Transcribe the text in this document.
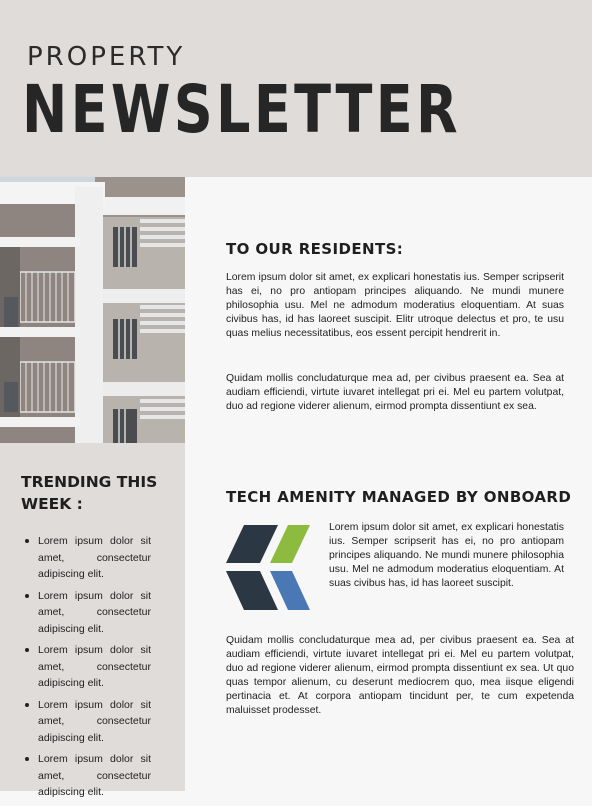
PROPERTY
NEWSLETTER
TO OUR RESIDENTS:

Lorem ipsum dolor sit amet, ex explicari honestatis ius. Semper scripserit has ei, no pro antiopam principes aliquando. Ne mundi munere philosophia usu. Mel ne admodum moderatius eloquentiam. At suas civibus has, id has laoreet suscipit. Elitr utroque delectus et pro, te usu quas melius necessitatibus, eos essent percipit hendrerit in.

Quidam mollis concludaturque mea ad, per civibus praesent ea. Sea at audiam efficiendi, virtute iuvaret intellegat pri ei. Mel eu partem volutpat, duo ad regione viderer alienum, eirmod prompta dissentiunt ex sea.

TRENDING THIS WEEK :
Lorem ipsum dolor sit amet, consectetur adipiscing elit.
Lorem ipsum dolor sit amet, consectetur adipiscing elit.
Lorem ipsum dolor sit amet, consectetur adipiscing elit.
Lorem ipsum dolor sit amet, consectetur adipiscing elit.
Lorem ipsum dolor sit amet, consectetur adipiscing elit.
TECH AMENITY MANAGED BY ONBOARD

Lorem ipsum dolor sit amet, ex explicari honestatis ius. Semper scripserit has ei, no pro antiopam principes aliquando. Ne mundi munere philosophia usu. Mel ne admodum moderatius eloquentiam. At suas civibus has, id has laoreet suscipit.

Quidam mollis concludaturque mea ad, per civibus praesent ea. Sea at audiam efficiendi, virtute iuvaret intellegat pri ei. Mel eu partem volutpat, duo ad regione viderer alienum, eirmod prompta dissentiunt ex sea. Ut quo quas tempor alienum, cu deserunt mediocrem quo, mea iisque eligendi pertinacia et. At corpora antiopam tincidunt per, te cum expetenda maluisset prodesset.
